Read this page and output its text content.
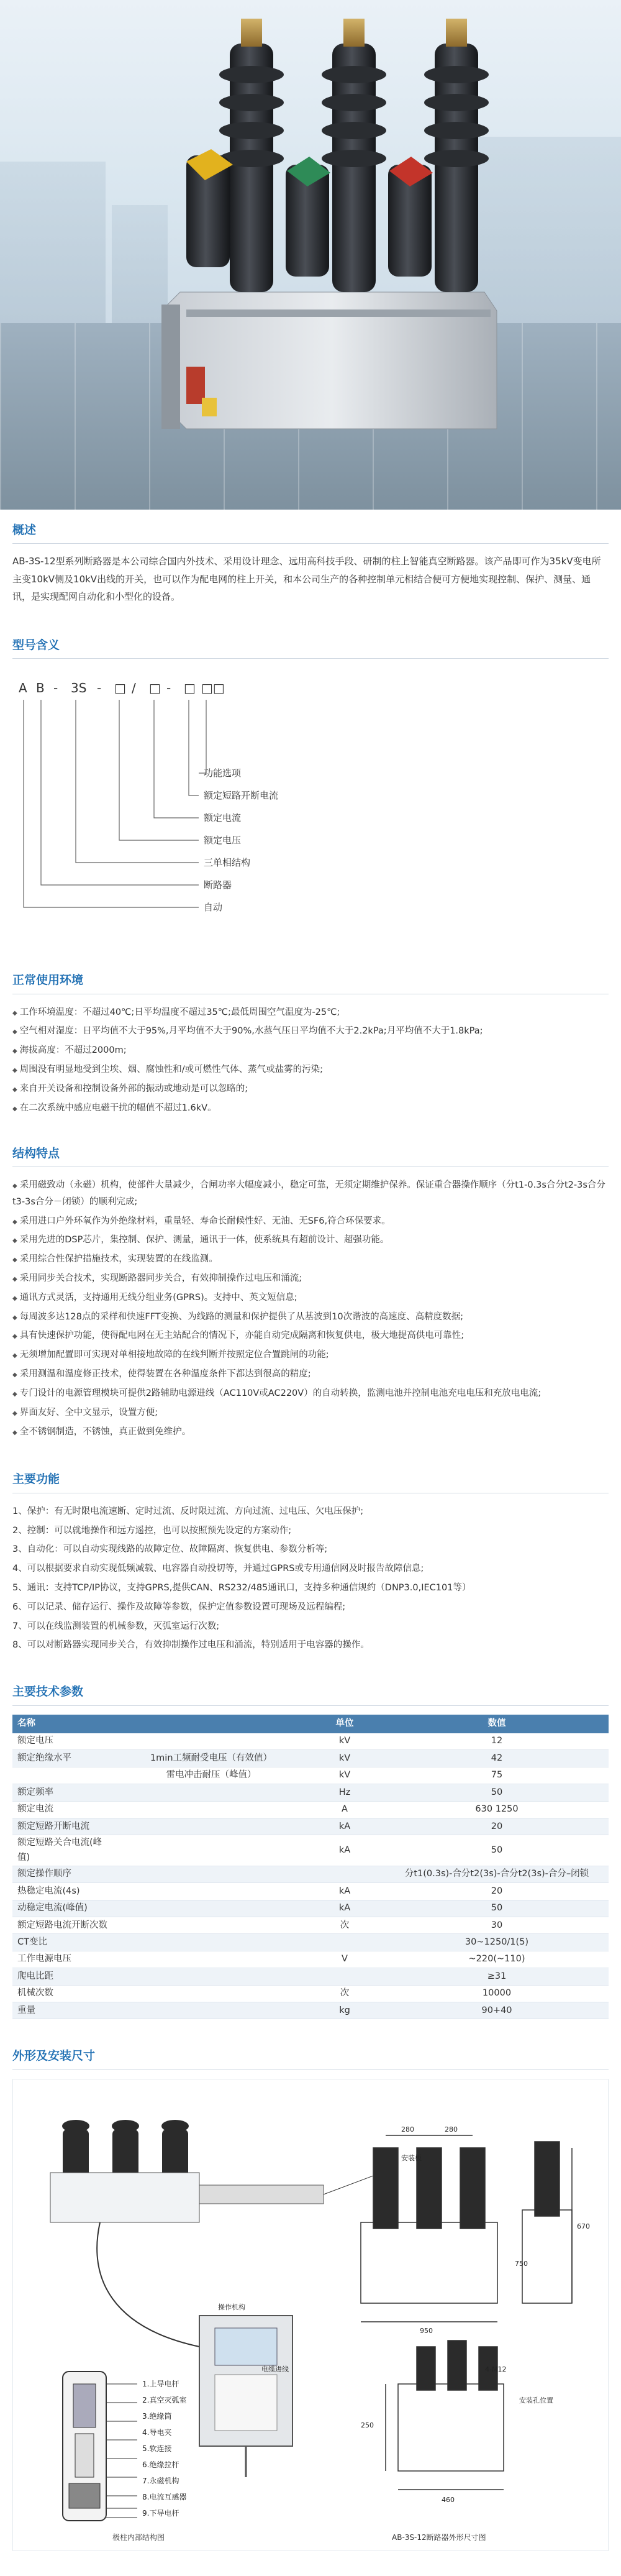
概述

AB-3S-12型系列断路器是本公司综合国内外技术、采用设计理念、远用高科技手段、研制的柱上智能真空断路器。该产品即可作为35kV变电所主变10kV侧及10kV出线的开关，也可以作为配电网的柱上开关，和本公司生产的各种控制单元相结合便可方便地实现控制、保护、测量、通讯，是实现配网自动化和小型化的设备。

型号含义
A B - 3S - □ / □ - □ □□
功能选项
额定短路开断电流
额定电流
额定电压
三单相结构
断路器
自动
正常使用环境
◆ 工作环境温度：不超过40℃;日平均温度不超过35℃;最低周围空气温度为-25℃;
◆ 空气相对湿度：日平均值不大于95%,月平均值不大于90%,水蒸气压日平均值不大于2.2kPa;月平均值不大于1.8kPa;
◆ 海拔高度：不超过2000m;
◆ 周围没有明显地受到尘埃、烟、腐蚀性和/或可燃性气体、蒸气或盐雾的污染;
◆ 来自开关设备和控制设备外部的振动或地动是可以忽略的;
◆ 在二次系统中感应电磁干扰的幅值不超过1.6kV。
结构特点
◆ 采用磁致动（永磁）机构，使部件大量减少，合闸功率大幅度减小，稳定可靠，无须定期维护保养。保证重合器操作顺序（分t1-0.3s合分t2-3s合分t3-3s合分－闭锁）的顺利完成;
◆ 采用进口户外环氧作为外绝缘材料，重量轻、寿命长耐候性好、无油、无SF6,符合环保要求。
◆ 采用先进的DSP芯片，集控制、保护、测量，通讯于一体，使系统具有超前设计、超强功能。
◆ 采用综合性保护措施技术，实现装置的在线监测。
◆ 采用同步关合技术，实现断路器同步关合，有效抑制操作过电压和涌流;
◆ 通讯方式灵活，支持通用无线分组业务(GPRS)。支持中、英文短信息;
◆ 每周波多达128点的采样和快速FFT变换、为线路的测量和保护提供了从基波到10次谐波的高速度、高精度数据;
◆ 具有快速保护功能，使得配电网在无主站配合的情况下，亦能自动完成隔离和恢复供电，极大地提高供电可靠性;
◆ 无须增加配置即可实现对单相接地故障的在线判断并按照定位合置跳闸的功能;
◆ 采用测温和温度修正技术，使得装置在各种温度条件下都达到很高的精度;
◆ 专门设计的电源管理模块可提供2路辅助电源进线（AC110V或AC220V）的自动转换，监测电池并控制电池充电电压和充放电电流;
◆ 界面友好、全中文显示，设置方便;
◆ 全不锈钢制造，不锈蚀，真正做到免维护。
主要功能
1、保护：有无时限电流速断、定时过流、反时限过流、方向过流、过电压、欠电压保护;
2、控制：可以就地操作和远方遥控，也可以按照预先设定的方案动作;
3、自动化：可以自动实现线路的故障定位、故障隔离、恢复供电、参数分析等;
4、可以根据要求自动实现低频减载、电容器自动投切等，并通过GPRS或专用通信网及时报告故障信息;
5、通讯：支持TCP/IP协议，支持GPRS,提供CAN、RS232/485通讯口，支持多种通信规约（DNP3.0,IEC101等）
6、可以记录、储存运行、操作及故障等参数，保护定值参数设置可现场及远程编程;
7、可以在线监测装置的机械参数，灭弧室运行次数;
8、可以对断路器实现同步关合，有效抑制操作过电压和涌流，特别适用于电容器的操作。
主要技术参数
名称		单位	数值
额定电压		kV	12
额定绝缘水平	1min工频耐受电压（有效值）	kV	42
	雷电冲击耐压（峰值）	kV	75
额定频率		Hz	50
额定电流		A	630 1250
额定短路开断电流		kA	20
额定短路关合电流(峰值)		kA	50
额定操作顺序			分t1(0.3s)-合分t2(3s)-合分t2(3s)-合分–闭锁
热稳定电流(4s)		kA	20
动稳定电流(峰值)		kA	50
额定短路电流开断次数		次	30
CT变比			30~1250/1(5)
工作电源电压		V	~220(~110)
爬电比距			≥31
机械次数		次	10000
重量		kg	90+40
外形及安装尺寸
280	280
950
670
750
460
250
4-M12
安装板
安装孔位置
电缆进线
操作机构
1.上导电杆
2.真空灭弧室
3.绝缘筒
4.导电夹
5.软连接
6.绝缘拉杆
7.永磁机构
8.电流互感器
9.下导电杆
极柱内部结构图	AB-3S-12断路器外形尺寸图
